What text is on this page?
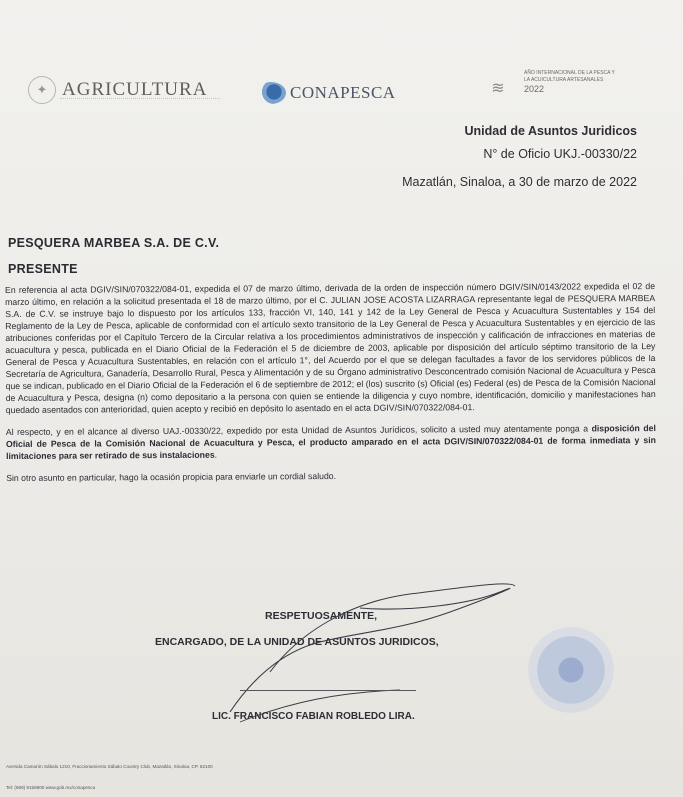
✦ AGRICULTURA	CONAPESCA	≋
AÑO INTERNACIONAL DE LA PESCA Y LA ACUICULTURA ARTESANALES
2022
Unidad de Asuntos Juridicos
N° de Oficio UKJ.-00330/22
Mazatlán, Sinaloa, a 30 de marzo de 2022
PESQUERA MARBEA S.A. DE C.V.
PRESENTE

En referencia al acta DGIV/SIN/070322/084-01, expedida el 07 de marzo último, derivada de la orden de inspección número DGIV/SIN/0143/2022 expedida el 02 de marzo último, en relación a la solicitud presentada el 18 de marzo último, por el C. JULIAN JOSE ACOSTA LIZARRAGA representante legal de PESQUERA MARBEA S.A. de C.V. se instruye bajo lo dispuesto por los artículos 133, fracción VI, 140, 141 y 142 de la Ley General de Pesca y Acuacultura Sustentables y 154 del Reglamento de la Ley de Pesca, aplicable de conformidad con el artículo sexto transitorio de la Ley General de Pesca y Acuacultura Sustentables y en ejercicio de las atribuciones conferidas por el Capítulo Tercero de la Circular relativa a los procedimientos administrativos de inspección y calificación de infracciones en materias de acuacultura y pesca, publicada en el Diario Oficial de la Federación el 5 de diciembre de 2003, aplicable por disposición del artículo séptimo transitorio de la Ley General de Pesca y Acuacultura Sustentables, en relación con el artículo 1°, del Acuerdo por el que se delegan facultades a favor de los servidores públicos de la Secretaría de Agricultura, Ganadería, Desarrollo Rural, Pesca y Alimentación y de su Órgano administrativo Desconcentrado comisión Nacional de Acuacultura y Pesca que se indican, publicado en el Diario Oficial de la Federación el 6 de septiembre de 2012; el (los) suscrito (s) Oficial (es) Federal (es) de Pesca de la Comisión Nacional de Acuacultura y Pesca, designa (n) como depositario a la persona con quien se entiende la diligencia y cuyo nombre, identificación, domicilio y manifestaciones han quedado asentados con anterioridad, quien acepto y recibió en depósito lo asentado en el acta DGIV/SIN/070322/084-01.

Al respecto, y en el alcance al diverso UAJ.-00330/22, expedido por esta Unidad de Asuntos Jurídicos, solicito a usted muy atentamente ponga a disposición del Oficial de Pesca de la Comisión Nacional de Acuacultura y Pesca, el producto amparado en el acta DGIV/SIN/070322/084-01 de forma inmediata y sin limitaciones para ser retirado de sus instalaciones.

Sin otro asunto en particular, hago la ocasión propicia para enviarle un cordial saludo.

RESPETUOSAMENTE,
ENCARGADO, DE LA UNIDAD DE ASUNTOS JURIDICOS,
LIC. FRANCISCO FABIAN ROBLEDO LIRA.

Avenida Camarón Sábalo 1210, Fraccionamiento Sábalo Country Club, Mazatlán, Sinaloa, CP. 82100
Tel: (669) 9156900 www.gob.mx/conapesca
